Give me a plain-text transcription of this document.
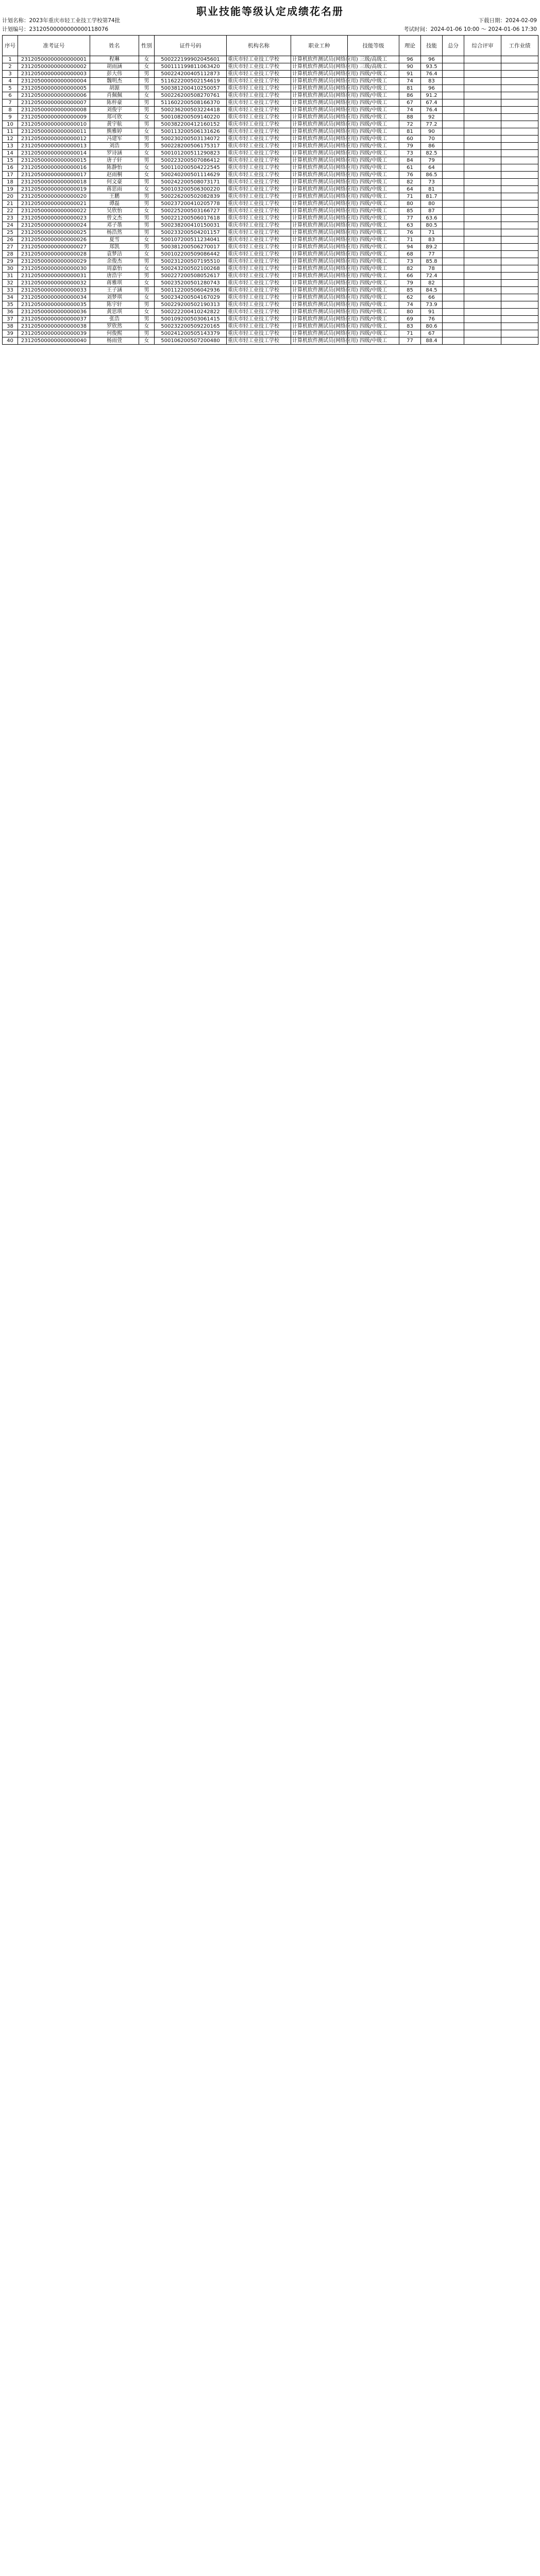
职业技能等级认定成绩花名册
计划名称：2023年重庆市轻工业技工学校第74批
计划编号：23120500000000000118076
下载日期：2024-02-09
考试时间：2024-01-06 10:00 ～ 2024-01-06 17:30
序号	准考证号	姓名	性别	证件号码	机构名称	职业工种	技能等级	理论	技能	总分	综合评审	工作业绩
1	23120500000000000001	程琳	女	500222199902045601	重庆市轻工业技工学校	计算机软件测试员(网络应用)	三级/高级工	96	96			
2	23120500000000000002	胡雨涵	女	500111199811063420	重庆市轻工业技工学校	计算机软件测试员(网络应用)	三级/高级工	90	93.5			
3	23120500000000000003	彭大伟	男	500224200405112873	重庆市轻工业技工学校	计算机软件测试员(网络应用)	四级/中级工	91	76.4			
4	23120500000000000004	魏明杰	男	511622200502154619	重庆市轻工业技工学校	计算机软件测试员(网络应用)	四级/中级工	74	83			
5	23120500000000000005	胡源	男	500381200410250057	重庆市轻工业技工学校	计算机软件测试员(网络应用)	四级/中级工	81	96			
6	23120500000000000006	肖佩佩	女	500226200508270761	重庆市轻工业技工学校	计算机软件测试员(网络应用)	四级/中级工	86	91.2			
7	23120500000000000007	陈梓豪	男	511602200508166370	重庆市轻工业技工学校	计算机软件测试员(网络应用)	四级/中级工	67	67.4			
8	23120500000000000008	刘俊宇	男	500236200503224418	重庆市轻工业技工学校	计算机软件测试员(网络应用)	四级/中级工	74	76.4			
9	23120500000000000009	郑可欣	女	500108200509140220	重庆市轻工业技工学校	计算机软件测试员(网络应用)	四级/中级工	88	92			
10	23120500000000000010	黄宇航	男	500382200412160152	重庆市轻工业技工学校	计算机软件测试员(网络应用)	四级/中级工	72	77.2			
11	23120500000000000011	熊雅婷	女	500113200506131626	重庆市轻工业技工学校	计算机软件测试员(网络应用)	四级/中级工	81	90			
12	23120500000000000012	冯建军	男	500230200503134072	重庆市轻工业技工学校	计算机软件测试员(网络应用)	四级/中级工	60	70			
13	23120500000000000013	刘浩	男	500228200506175317	重庆市轻工业技工学校	计算机软件测试员(网络应用)	四级/中级工	79	86			
14	23120500000000000014	罗诗涵	女	500101200511290823	重庆市轻工业技工学校	计算机软件测试员(网络应用)	四级/中级工	73	82.5			
15	23120500000000000015	唐子轩	男	500223200507086412	重庆市轻工业技工学校	计算机软件测试员(网络应用)	四级/中级工	84	79			
16	23120500000000000016	陈静怡	女	500110200504222545	重庆市轻工业技工学校	计算机软件测试员(网络应用)	四级/中级工	61	64			
17	23120500000000000017	赵雨桐	女	500240200501114629	重庆市轻工业技工学校	计算机软件测试员(网络应用)	四级/中级工	76	86.5			
18	23120500000000000018	何文豪	男	500242200508073171	重庆市轻工业技工学校	计算机软件测试员(网络应用)	四级/中级工	82	73			
19	23120500000000000019	蒋思雨	女	500103200506300220	重庆市轻工业技工学校	计算机软件测试员(网络应用)	四级/中级工	64	81			
20	23120500000000000020	王鹏	男	500226200502082839	重庆市轻工业技工学校	计算机软件测试员(网络应用)	四级/中级工	71	81.7			
21	23120500000000000021	谭磊	男	500237200410205778	重庆市轻工业技工学校	计算机软件测试员(网络应用)	四级/中级工	80	80			
22	23120500000000000022	吴欣怡	女	500225200503166727	重庆市轻工业技工学校	计算机软件测试员(网络应用)	四级/中级工	85	87			
23	23120500000000000023	曾文杰	男	500221200506017618	重庆市轻工业技工学校	计算机软件测试员(网络应用)	四级/中级工	77	63.6			
24	23120500000000000024	邓子墨	男	500238200410150031	重庆市轻工业技工学校	计算机软件测试员(网络应用)	四级/中级工	63	80.5			
25	23120500000000000025	杨浩然	男	500233200504201157	重庆市轻工业技工学校	计算机软件测试员(网络应用)	四级/中级工	76	71			
26	23120500000000000026	夏雪	女	500107200511234041	重庆市轻工业技工学校	计算机软件测试员(网络应用)	四级/中级工	71	83			
27	23120500000000000027	郑凯	男	500381200506270017	重庆市轻工业技工学校	计算机软件测试员(网络应用)	四级/中级工	94	89.2			
28	23120500000000000028	袁梦洁	女	500102200509086442	重庆市轻工业技工学校	计算机软件测试员(网络应用)	四级/中级工	68	77			
29	23120500000000000029	余俊杰	男	500231200507195510	重庆市轻工业技工学校	计算机软件测试员(网络应用)	四级/中级工	73	85.8			
30	23120500000000000030	周嘉怡	女	500243200502100268	重庆市轻工业技工学校	计算机软件测试员(网络应用)	四级/中级工	82	78			
31	23120500000000000031	唐浩宇	男	500227200508052617	重庆市轻工业技工学校	计算机软件测试员(网络应用)	四级/中级工	66	72.4			
32	23120500000000000032	蒋雅琪	女	500235200501280743	重庆市轻工业技工学校	计算机软件测试员(网络应用)	四级/中级工	79	82			
33	23120500000000000033	王子涵	男	500112200506042936	重庆市轻工业技工学校	计算机软件测试员(网络应用)	四级/中级工	85	84.5			
34	23120500000000000034	刘梦琪	女	500234200504167029	重庆市轻工业技工学校	计算机软件测试员(网络应用)	四级/中级工	62	66			
35	23120500000000000035	陈宇轩	男	500229200502190313	重庆市轻工业技工学校	计算机软件测试员(网络应用)	四级/中级工	74	73.9			
36	23120500000000000036	黄思琪	女	500222200410242822	重庆市轻工业技工学校	计算机软件测试员(网络应用)	四级/中级工	80	91			
37	23120500000000000037	张浩	男	500109200503061415	重庆市轻工业技工学校	计算机软件测试员(网络应用)	四级/中级工	69	76			
38	23120500000000000038	罗欣然	女	500232200509220165	重庆市轻工业技工学校	计算机软件测试员(网络应用)	四级/中级工	83	80.6			
39	23120500000000000039	何俊熙	男	500241200505143379	重庆市轻工业技工学校	计算机软件测试员(网络应用)	四级/中级工	71	67			
40	23120500000000000040	杨雨萱	女	500106200507200480	重庆市轻工业技工学校	计算机软件测试员(网络应用)	四级/中级工	77	88.4			
